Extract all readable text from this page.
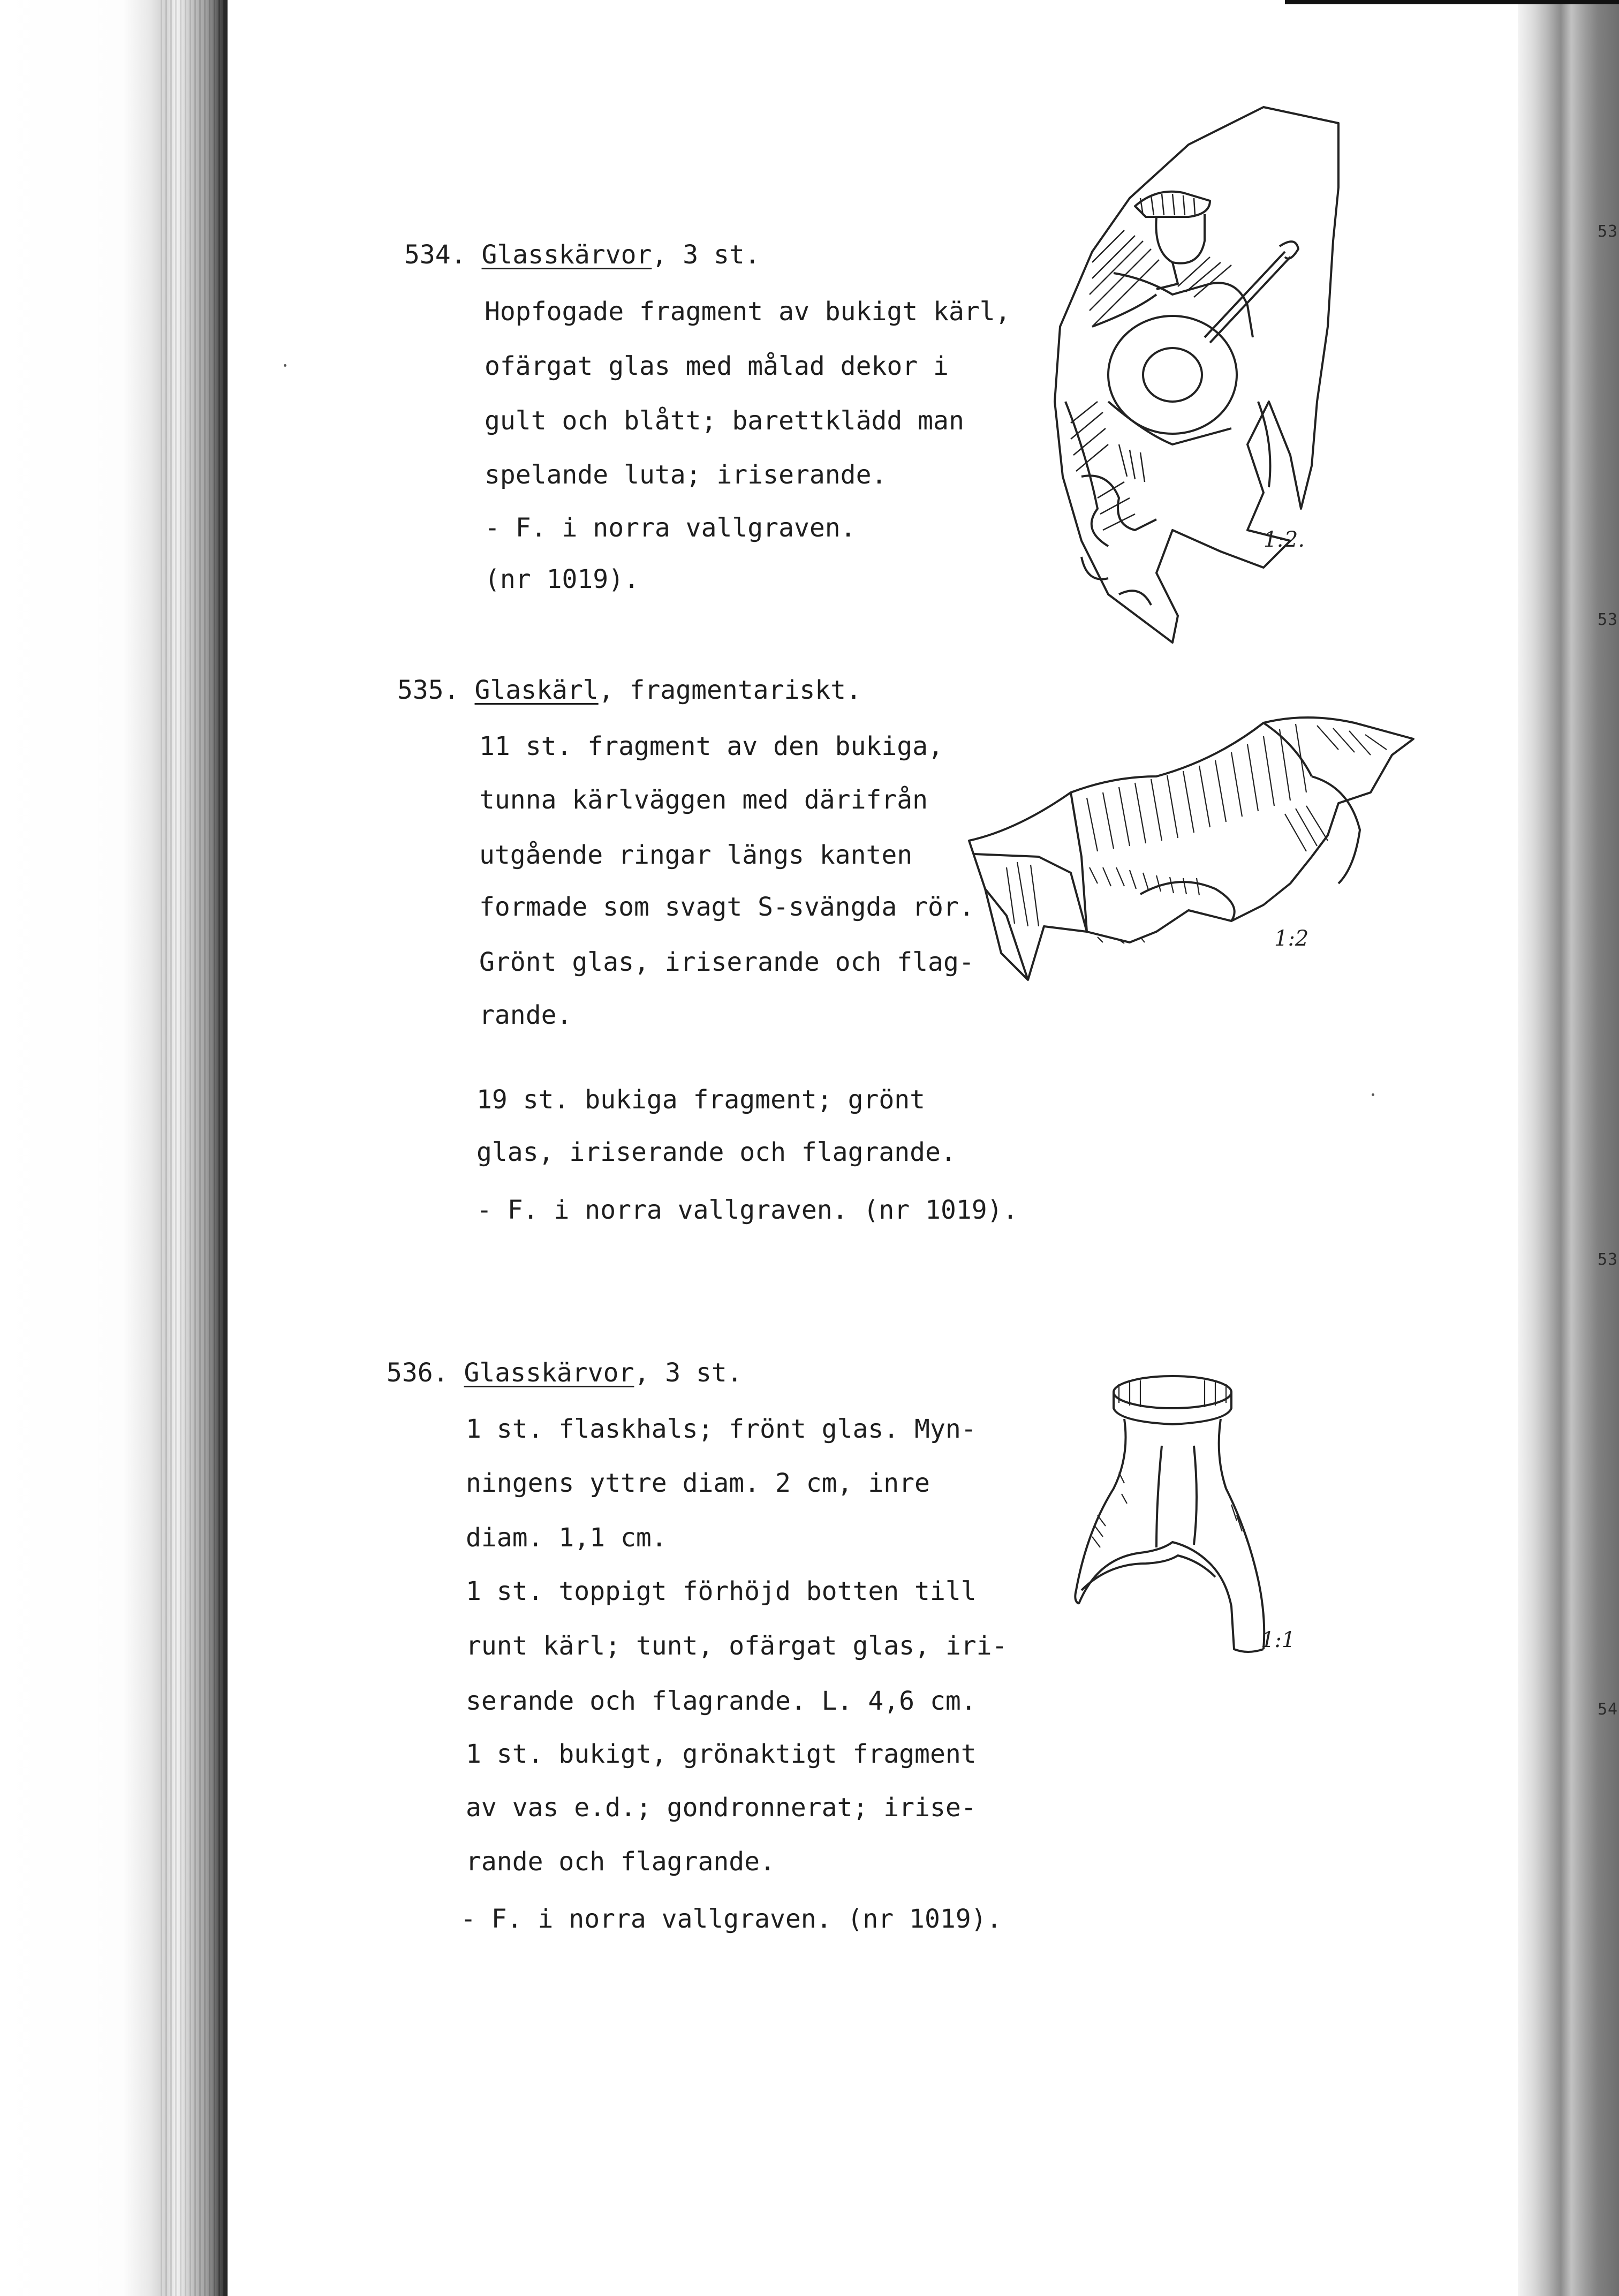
53
53
53
54
534. Glasskärvor, 3 st.
Hopfogade fragment av bukigt kärl,
ofärgat glas med målad dekor i
gult och blått; barettklädd man
spelande luta; iriserande.
- F. i norra vallgraven.
(nr 1019).
1:2.
535. Glaskärl, fragmentariskt.
11 st. fragment av den bukiga,
tunna kärlväggen med därifrån
utgående ringar längs kanten
formade som svagt S-svängda rör.
Grönt glas, iriserande och flag-
rande.
19 st. bukiga fragment; grönt
glas, iriserande och flagrande.
- F. i norra vallgraven. (nr 1019).
1:2
536. Glasskärvor, 3 st.
1 st. flaskhals; frönt glas. Myn-
ningens yttre diam. 2 cm, inre
diam. 1,1 cm.
1 st. toppigt förhöjd botten till
runt kärl; tunt, ofärgat glas, iri-
serande och flagrande. L. 4,6 cm.
1 st. bukigt, grönaktigt fragment
av vas e.d.; gondronnerat; irise-
rande och flagrande.
- F. i norra vallgraven. (nr 1019).
1:1
